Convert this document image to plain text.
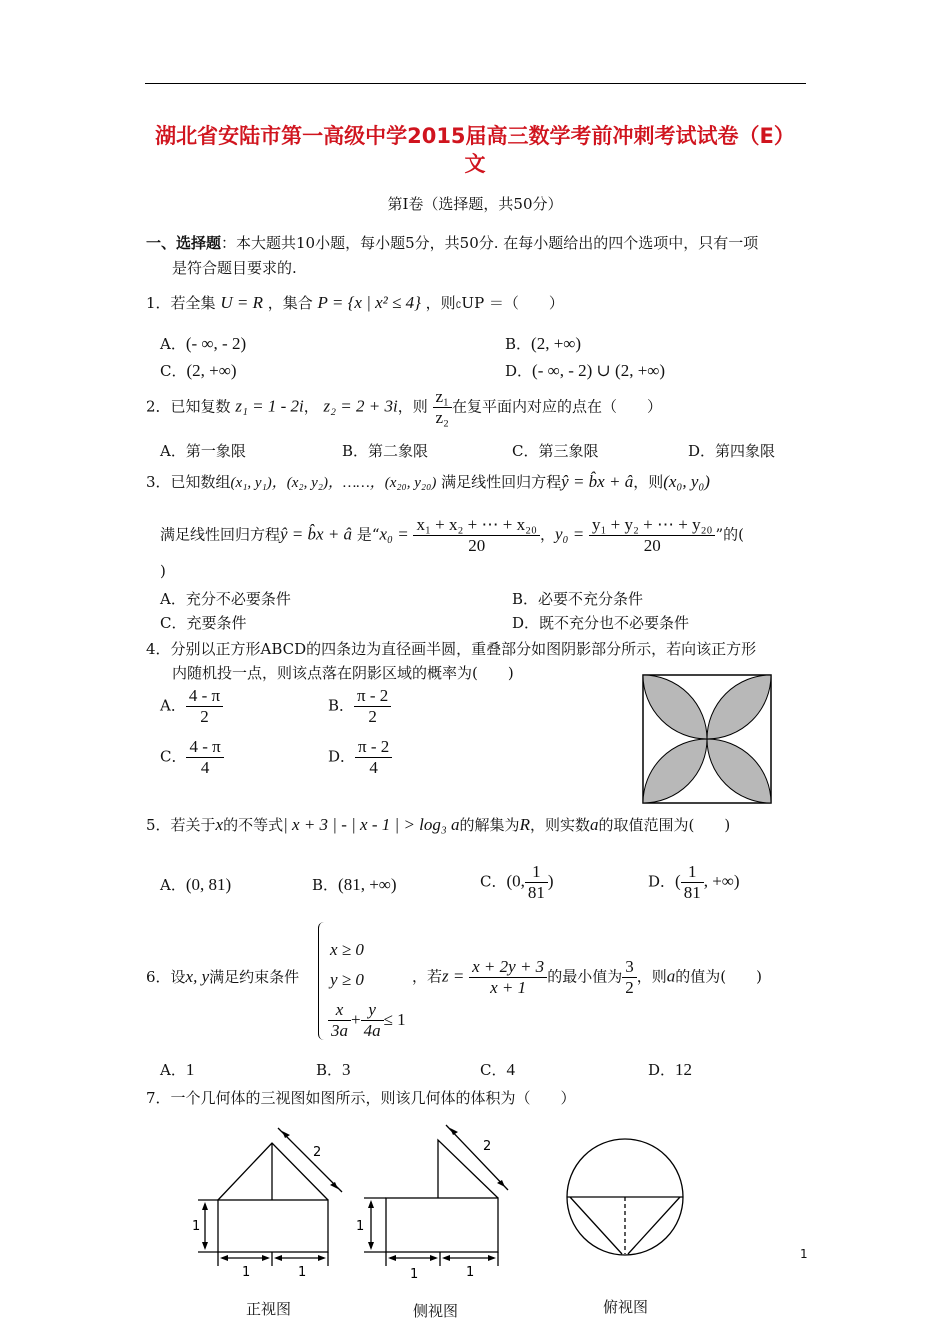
湖北省安陆市第一高级中学2015届高三数学考前冲刺考试试卷（E）
文
第Ⅰ卷（选择题，共50分）
一、选择题：本大题共10小题，每小题5分，共50分. 在每小题给出的四个选项中，只有一项
是符合题目要求的.
1．若全集 U = R ，集合 P = {x | x² ≤ 4} ，则∁UP ＝（　　）
A．(- ∞, - 2)	B．(2, +∞)
C．(2, +∞)	D．(- ∞, - 2) ∪ (2, +∞)
2．已知复数 z₁ = 1 - 2i， z₂ = 2 + 3i，则 $\frac{\text{z₁}}{\text{z₂}}$ 在复平面内对应的点在（　　）
A．第一象限	B．第二象限	C．第三象限	D．第四象限
3．已知数组(x₁, y₁)，(x₂, y₂)，……，(x₂₀, y₂₀) 满足线性回归方程ŷ = b̂x + â，则(x₀, y₀)
满足线性回归方程ŷ = b̂x + â 是“$x_0 = \frac{\text{x₁ + x₂ + ⋯ + x₂₀}}{20}$ ，$y_0 = \frac{\text{y₁ + y₂ + ⋯ + y₂₀}}{20}$ ”的(
)
A．充分不必要条件	B．必要不充分条件
C．充要条件	D．既不充分也不必要条件
4．分别以正方形ABCD的四条边为直径画半圆，重叠部分如图阴影部分所示，若向该正方形
内随机投一点，则该点落在阴影区域的概率为(　　)
A． $\frac{4 - \pi}{2}$	B． $\frac{\pi - 2}{2}$
C． $\frac{4 - \pi}{4}$	D． $\frac{\pi - 2}{4}$
5．若关于x的不等式| x + 3 | - | x - 1 | > log₃ a的解集为R，则实数a的取值范围为(　　)
A．(0, 81)	B．(81, +∞)	C．(0, $\frac{1}{81}$ )	D．( $\frac{1}{81}$ , +∞)
6．设x, y满足约束条件
x ≥ 0
y ≥ 0
$\frac{x}{3a} + \frac{y}{4a} \le 1$
，若$z = \frac{x + 2y + 3}{x + 1}$ 的最小值为 $\frac{3}{2}$ ，则a的值为(　　)
A．1	B．3	C．4	D．12
7．一个几何体的三视图如图所示，则该几何体的体积为（　　）
2
1
1	1
正视图
2
1
1	1
侧视图	俯视图
1
